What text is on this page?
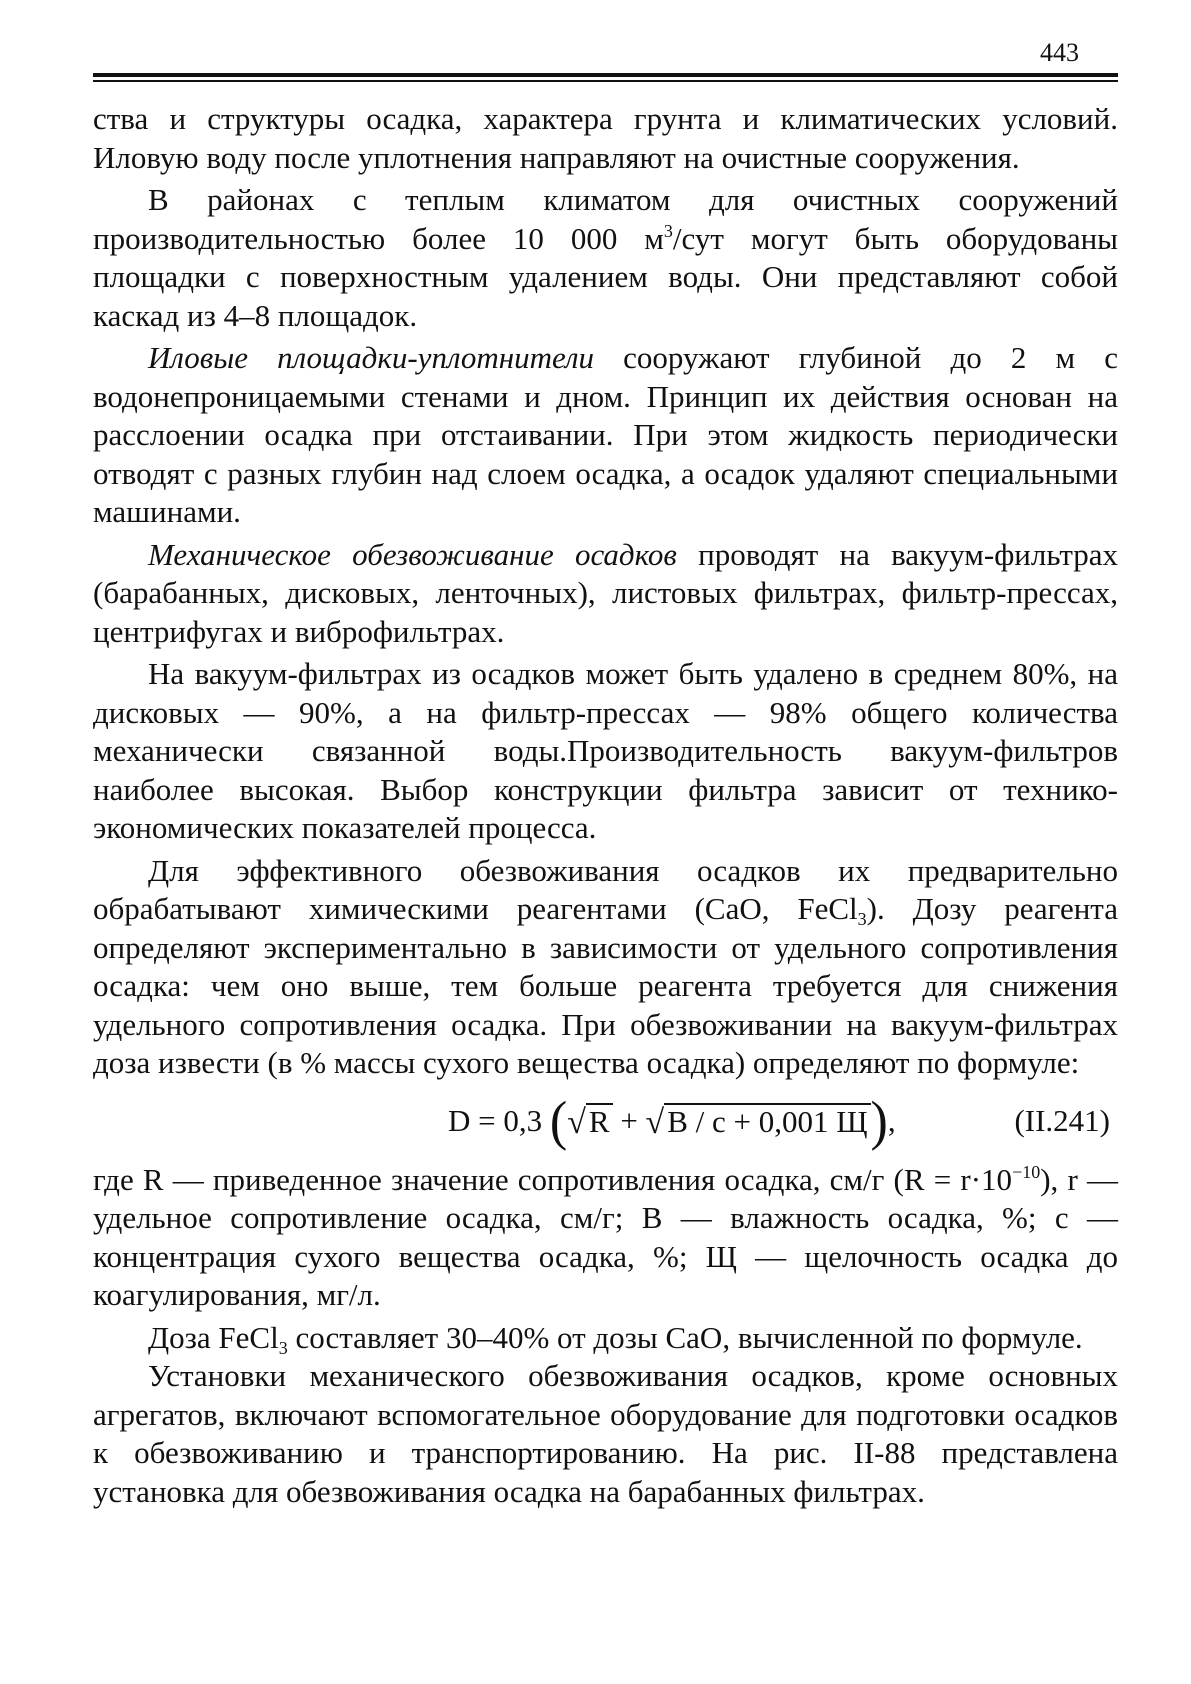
443

ства и структуры осадка, характера грунта и климатических условий. Иловую воду после уплотнения направляют на очистные сооружения.

В районах с теплым климатом для очистных сооружений производительностью более 10 000 $м^3$/сут могут быть оборудованы площадки с поверхностным удалением воды. Они представляют собой каскад из 4–8 площадок.

Иловые площадки-уплотнители сооружают глубиной до 2 м с водонепроницаемыми стенами и дном. Принцип их действия основан на расслоении осадка при отстаивании. При этом жидкость периодически отводят с разных глубин над слоем осадка, а осадок удаляют специальными машинами.

Механическое обезвоживание осадков проводят на вакуум-фильтрах (барабанных, дисковых, ленточных), листовых фильтрах, фильтр-прессах, центрифугах и виброфильтрах.

На вакуум-фильтрах из осадков может быть удалено в среднем 80%, на дисковых — 90%, а на фильтр-прессах — 98% общего количества механически связанной воды.Производительность вакуум-фильтров наиболее высокая. Выбор конструкции фильтра зависит от технико-экономических показателей процесса.

Для эффективного обезвоживания осадков их предварительно обрабатывают химическими реагентами (CaO, FeCl$_3$). Дозу реагента определяют экспериментально в зависимости от удельного сопротивления осадка: чем оно выше, тем больше реагента требуется для снижения удельного сопротивления осадка. При обезвоживании на вакуум-фильтрах доза извести (в % массы сухого вещества осадка) определяют по формуле:

D = 0,3
( √ R
+
√ B / c + 0,001 Щ ) ,	(II.241)

где R — приведенное значение сопротивления осадка, см/г $(R = r\cdot 10^{-10})$, r — удельное сопротивление осадка, см/г; В — влажность осадка, %; с — концентрация сухого вещества осадка, %; Щ — щелочность осадка до коагулирования, мг/л.

Доза FeCl$_3$ составляет 30–40% от дозы CaO, вычисленной по формуле.

Установки механического обезвоживания осадков, кроме основных агрегатов, включают вспомогательное оборудование для подготовки осадков к обезвоживанию и транспортированию. На рис. II-88 представлена установка для обезвоживания осадка на барабанных фильтрах.
